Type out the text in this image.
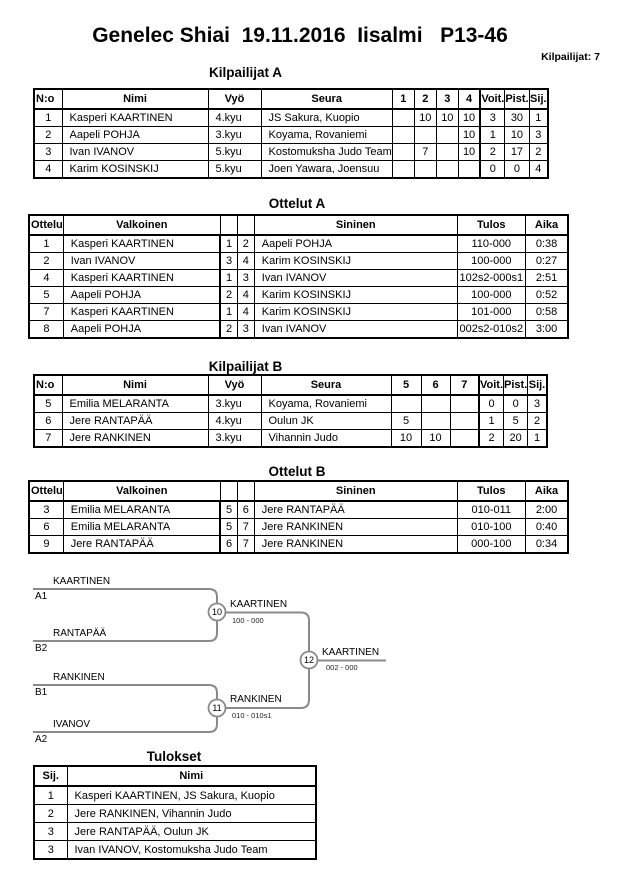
Genelec Shiai  19.11.2016  Iisalmi   P13-46
Kilpailijat: 7
Kilpailijat A
N:o	Nimi	Vyö	Seura	1	2	3	4	Voit.	Pist.	Sij.
1	Kasperi KAARTINEN	4.kyu	JS Sakura, Kuopio		10	10	10	3	30	1
2	Aapeli POHJA	3.kyu	Koyama, Rovaniemi				10	1	10	3
3	Ivan IVANOV	5.kyu	Kostomuksha Judo Team		7		10	2	17	2
4	Karim KOSINSKIJ	5.kyu	Joen Yawara, Joensuu					0	0	4
Ottelut A
Ottelu	Valkoinen			Sininen	Tulos	Aika
1	Kasperi KAARTINEN	1	2	Aapeli POHJA	110-000	0:38
2	Ivan IVANOV	3	4	Karim KOSINSKIJ	100-000	0:27
4	Kasperi KAARTINEN	1	3	Ivan IVANOV	102s2-000s1	2:51
5	Aapeli POHJA	2	4	Karim KOSINSKIJ	100-000	0:52
7	Kasperi KAARTINEN	1	4	Karim KOSINSKIJ	101-000	0:58
8	Aapeli POHJA	2	3	Ivan IVANOV	002s2-010s2	3:00
Kilpailijat B
N:o	Nimi	Vyö	Seura	5	6	7	Voit.	Pist.	Sij.
5	Emilia MELARANTA	3.kyu	Koyama, Rovaniemi				0	0	3
6	Jere RANTAPÄÄ	4.kyu	Oulun JK	5			1	5	2
7	Jere RANKINEN	3.kyu	Vihannin Judo	10	10		2	20	1
Ottelut B
Ottelu	Valkoinen			Sininen	Tulos	Aika
3	Emilia MELARANTA	5	6	Jere RANTAPÄÄ	010-011	2:00
6	Emilia MELARANTA	5	7	Jere RANKINEN	010-100	0:40
9	Jere RANTAPÄÄ	6	7	Jere RANKINEN	000-100	0:34
KAARTINEN
A1
RANTAPÄÄ
B2
10
KAARTINEN
100 - 000
RANKINEN
B1
IVANOV
A2
11
RANKINEN
010 - 010s1
12
KAARTINEN
002 - 000
Tulokset
Sij.	Nimi
1	Kasperi KAARTINEN, JS Sakura, Kuopio
2	Jere RANKINEN, Vihannin Judo
3	Jere RANTAPÄÄ, Oulun JK
3	Ivan IVANOV, Kostomuksha Judo Team
